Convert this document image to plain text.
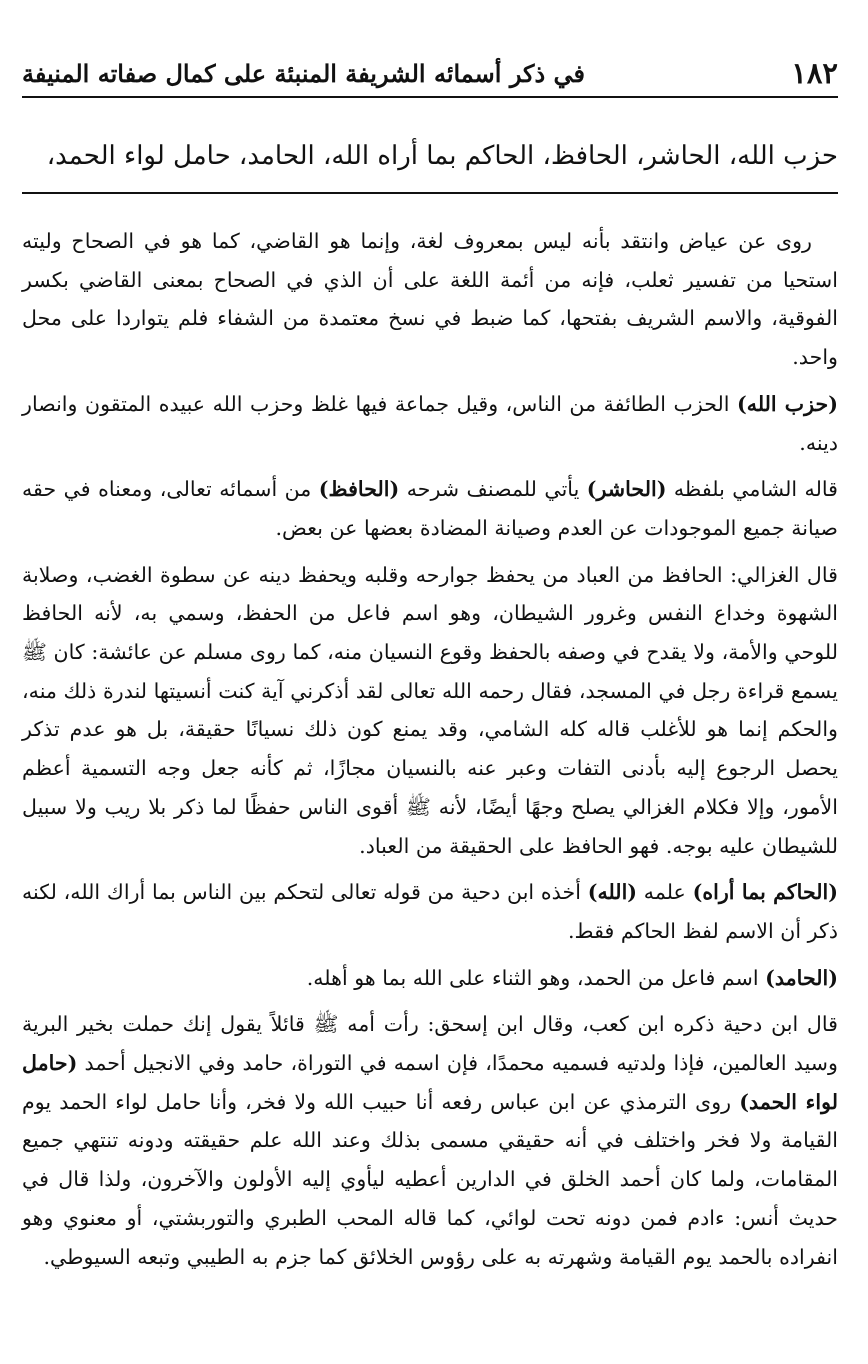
١٨٢
في ذكر أسمائه الشريفة المنبئة على كمال صفاته المنيفة
حزب الله، الحاشر، الحافظ، الحاكم بما أراه الله، الحامد، حامل لواء الحمد،

روى عن عياض وانتقد بأنه ليس بمعروف لغة، وإنما هو القاضي، كما هو في الصحاح وليته استحيا من تفسير ثعلب، فإنه من أئمة اللغة على أن الذي في الصحاح بمعنى القاضي بكسر الفوقية، والاسم الشريف بفتحها، كما ضبط في نسخ معتمدة من الشفاء فلم يتواردا على محل واحد.

(حزب الله) الحزب الطائفة من الناس، وقيل جماعة فيها غلظ وحزب الله عبيده المتقون وانصار دينه.

قاله الشامي بلفظه (الحاشر) يأتي للمصنف شرحه (الحافظ) من أسمائه تعالى، ومعناه في حقه صيانة جميع الموجودات عن العدم وصيانة المضادة بعضها عن بعض.

قال الغزالي: الحافظ من العباد من يحفظ جوارحه وقلبه ويحفظ دينه عن سطوة الغضب، وصلابة الشهوة وخداع النفس وغرور الشيطان، وهو اسم فاعل من الحفظ، وسمي به، لأنه الحافظ للوحي والأمة، ولا يقدح في وصفه بالحفظ وقوع النسيان منه، كما روى مسلم عن عائشة: كان ﷺ يسمع قراءة رجل في المسجد، فقال رحمه الله تعالى لقد أذكرني آية كنت أنسيتها لندرة ذلك منه، والحكم إنما هو للأغلب قاله كله الشامي، وقد يمنع كون ذلك نسيانًا حقيقة، بل هو عدم تذكر يحصل الرجوع إليه بأدنى التفات وعبر عنه بالنسيان مجازًا، ثم كأنه جعل وجه التسمية أعظم الأمور، وإلا فكلام الغزالي يصلح وجهًا أيضًا، لأنه ﷺ أقوى الناس حفظًا لما ذكر بلا ريب ولا سبيل للشيطان عليه بوجه. فهو الحافظ على الحقيقة من العباد.

(الحاكم بما أراه) علمه (الله) أخذه ابن دحية من قوله تعالى لتحكم بين الناس بما أراك الله، لكنه ذكر أن الاسم لفظ الحاكم فقط.

(الحامد) اسم فاعل من الحمد، وهو الثناء على الله بما هو أهله.

قال ابن دحية ذكره ابن كعب، وقال ابن إسحق: رأت أمه ﷺ قائلاً يقول إنك حملت بخير البرية وسيد العالمين، فإذا ولدتيه فسميه محمدًا، فإن اسمه في التوراة، حامد وفي الانجيل أحمد (حامل لواء الحمد) روى الترمذي عن ابن عباس رفعه أنا حبيب الله ولا فخر، وأنا حامل لواء الحمد يوم القيامة ولا فخر واختلف في أنه حقيقي مسمى بذلك وعند الله علم حقيقته ودونه تنتهي جميع المقامات، ولما كان أحمد الخلق في الدارين أعطيه ليأوي إليه الأولون والآخرون، ولذا قال في حديث أنس: ءادم فمن دونه تحت لوائي، كما قاله المحب الطبري والتوربشتي، أو معنوي وهو انفراده بالحمد يوم القيامة وشهرته به على رؤوس الخلائق كما جزم به الطيبي وتبعه السيوطي.
